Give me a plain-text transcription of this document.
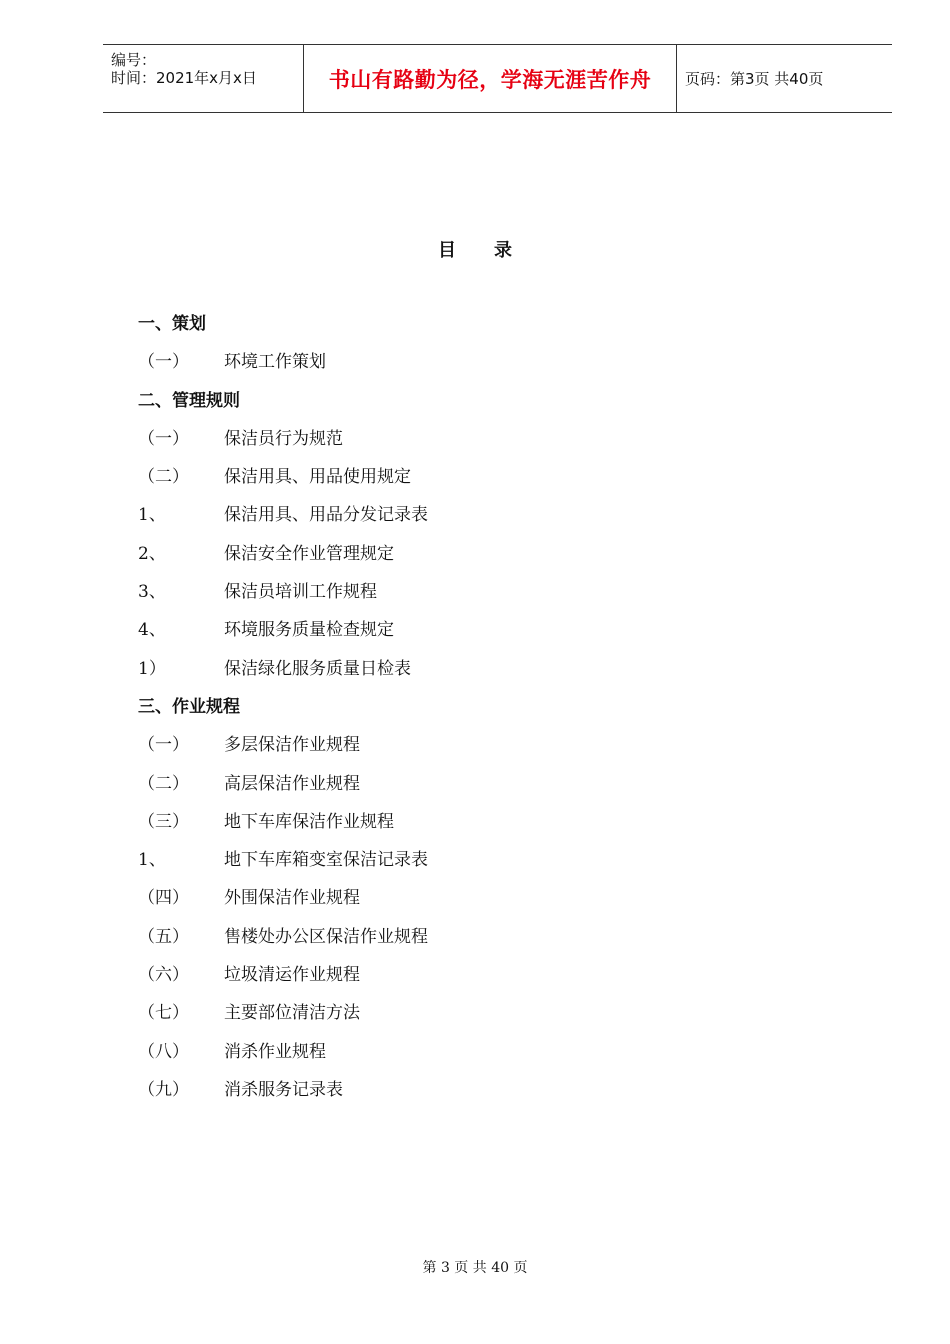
编号：
时间：2021年x月x日	书山有路勤为径，学海无涯苦作舟 页码：第3页 共40页
目录
一、策划
（一） 环境工作策划
二、管理规则
（一） 保洁员行为规范
（二） 保洁用具、用品使用规定
1、	保洁用具、用品分发记录表
2、	保洁安全作业管理规定
3、	保洁员培训工作规程
4、	环境服务质量检查规定
1）	保洁绿化服务质量日检表
三、作业规程
（一） 多层保洁作业规程
（二） 高层保洁作业规程
（三） 地下车库保洁作业规程
1、	地下车库箱变室保洁记录表
（四） 外围保洁作业规程
（五） 售楼处办公区保洁作业规程
（六） 垃圾清运作业规程
（七） 主要部位清洁方法
（八） 消杀作业规程
（九） 消杀服务记录表
第 3 页 共 40 页
